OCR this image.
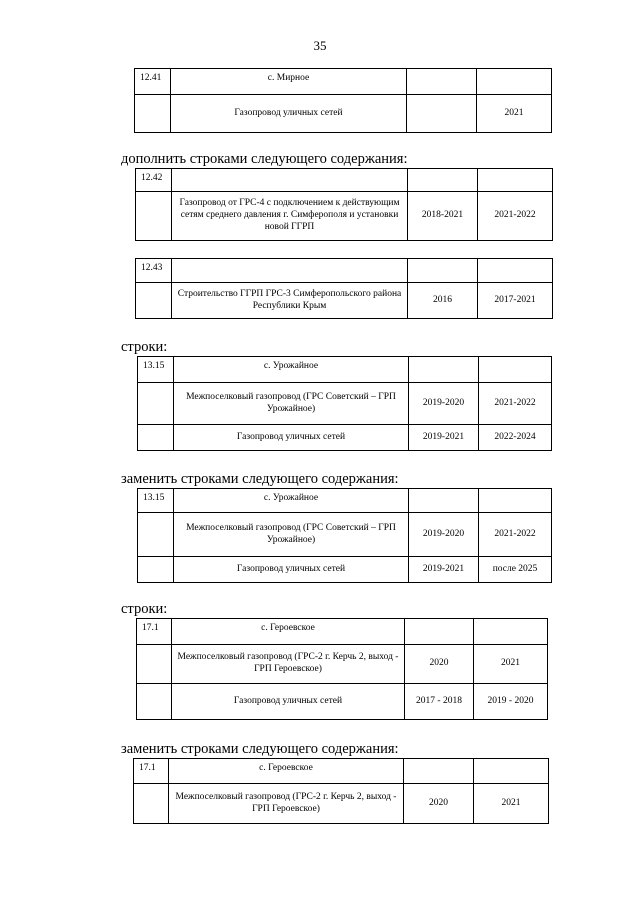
35
12.41	с. Мирное		
	Газопровод уличных сетей		2021
дополнить строками следующего содержания:
12.42			
	Газопровод от ГРС-4 с подключением к действующим сетям среднего давления г. Симферополя и установки новой ГГРП	2018-2021	2021-2022
12.43			
	Строительство ГГРП ГРС-3 Симферопольского района Республики Крым	2016	2017-2021
строки:
13.15	с. Урожайное		
	Межпоселковый газопровод (ГРС Советский – ГРП Урожайное)	2019-2020	2021-2022
	Газопровод уличных сетей	2019-2021	2022-2024
заменить строками следующего содержания:
13.15	с. Урожайное		
	Межпоселковый газопровод (ГРС Советский – ГРП Урожайное)	2019-2020	2021-2022
	Газопровод уличных сетей	2019-2021	после 2025
строки:
17.1	с. Героевское		
	Межпоселковый газопровод (ГРС-2 г. Керчь 2, выход - ГРП Героевское)	2020	2021
	Газопровод уличных сетей	2017 - 2018	2019 - 2020
заменить строками следующего содержания:
17.1	с. Героевское		
	Межпоселковый газопровод (ГРС-2 г. Керчь 2, выход - ГРП Героевское)	2020	2021
